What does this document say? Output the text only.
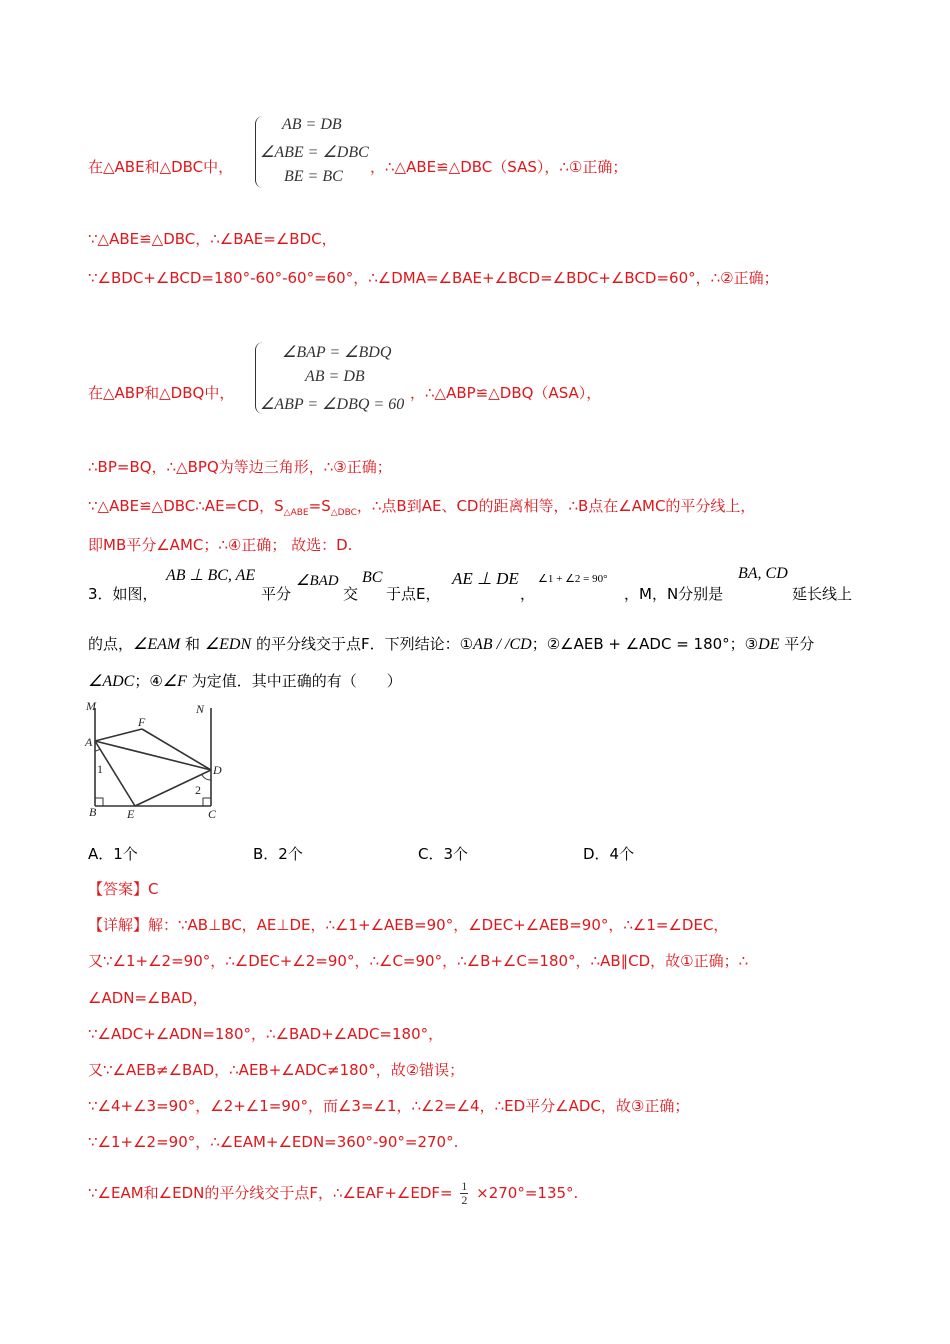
在△ABE和△DBC中，
AB = DB
∠ABE = ∠DBC
BE = BC
，∴△ABE≌△DBC（SAS），∴①正确；
∵△ABE≌△DBC，∴∠BAE=∠BDC，
∵∠BDC+∠BCD=180°-60°-60°=60°，∴∠DMA=∠BAE+∠BCD=∠BDC+∠BCD=60°，∴②正确；
在△ABP和△DBQ中，
∠BAP = ∠BDQ
AB = DB
∠ABP = ∠DBQ = 60
，∴△ABP≌△DBQ（ASA），
∴BP=BQ，∴△BPQ为等边三角形，∴③正确；
∵△ABE≌△DBC∴AE=CD，$S_{\triangle ABE}=S_{\triangle DBC}$，∴点B到AE、CD的距离相等，∴B点在∠AMC的平分线上，
即MB平分∠AMC；∴④正确； 故选：D.
3．如图，
AB ⊥ BC, AE
平分
∠BAD
交
BC
于点E，
AE ⊥ DE
，
∠1 + ∠2 = 90°
，M，N分别是
BA, CD
延长线上
的点，∠EAM 和 ∠EDN 的平分线交于点F．下列结论：①AB / /CD；②∠AEB + ∠ADC = 180°；③DE 平分
∠ADC；④∠F 为定值．其中正确的有（　　）
M	N
F
A
D
B	E	C
1
2
A．1个	B．2个	C．3个	D．4个
【答案】C
【详解】解：∵AB⊥BC，AE⊥DE，∴∠1+∠AEB=90°，∠DEC+∠AEB=90°，∴∠1=∠DEC，
又∵∠1+∠2=90°，∴∠DEC+∠2=90°，∴∠C=90°，∴∠B+∠C=180°，∴AB∥CD，故①正确；∴
∠ADN=∠BAD，
∵∠ADC+∠ADN=180°，∴∠BAD+∠ADC=180°，
又∵∠AEB≠∠BAD，∴AEB+∠ADC≠180°，故②错误；
∵∠4+∠3=90°，∠2+∠1=90°，而∠3=∠1，∴∠2=∠4，∴ED平分∠ADC，故③正确；
∵∠1+∠2=90°，∴∠EAM+∠EDN=360°-90°=270°.
∵∠EAM和∠EDN的平分线交于点F，∴∠EAF+∠EDF= $\frac{1}{2} \times 270^\circ=135^\circ$.
